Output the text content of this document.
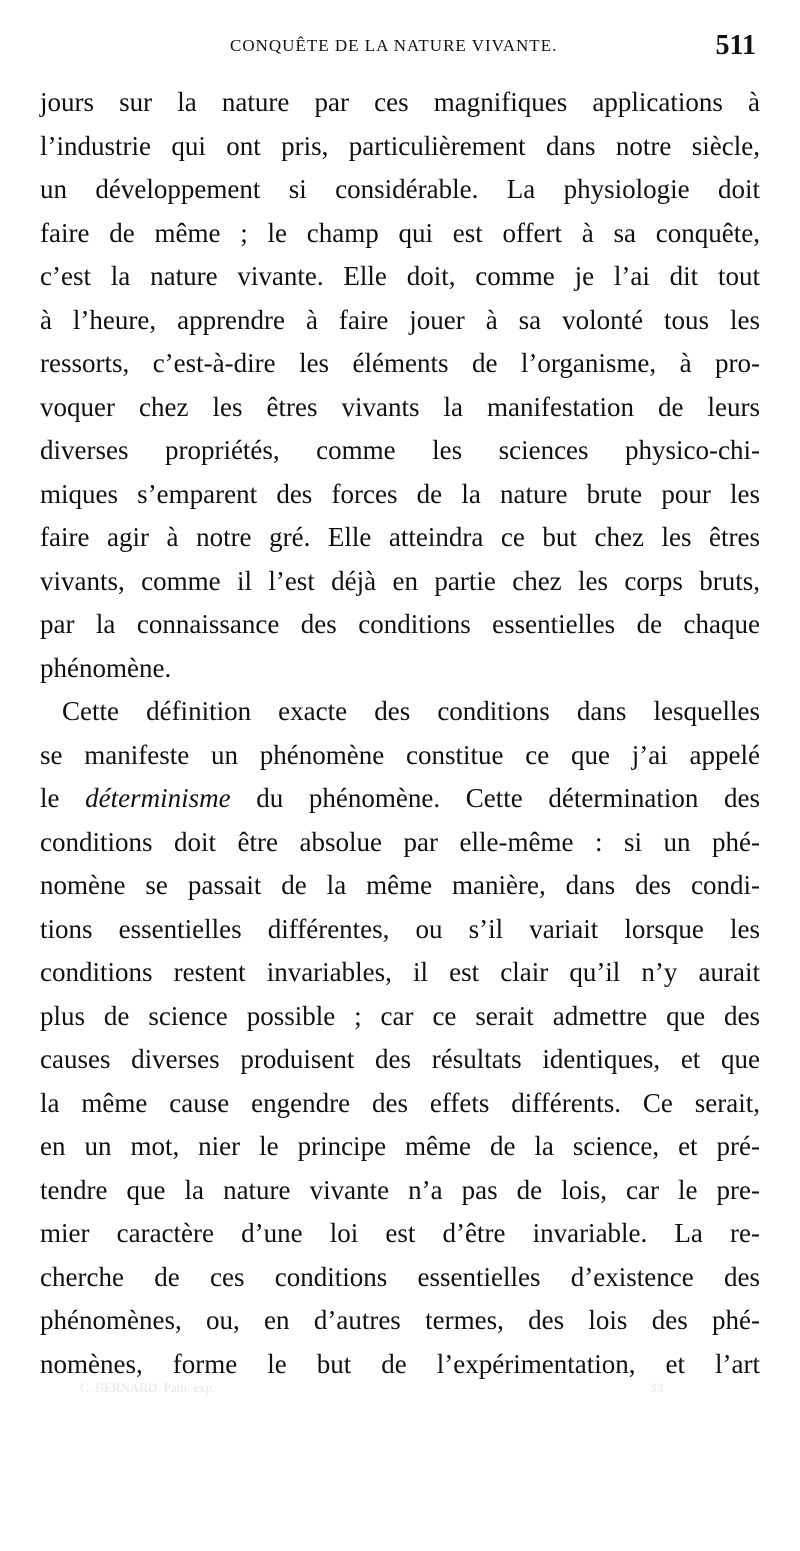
CONQUÊTE DE LA NATURE VIVANTE.	511
jours sur la nature par ces magnifiques applications à
l’industrie qui ont pris, particulièrement dans notre siècle,
un développement si considérable. La physiologie doit
faire de même ; le champ qui est offert à sa conquête,
c’est la nature vivante. Elle doit, comme je l’ai dit tout
à l’heure, apprendre à faire jouer à sa volonté tous les
ressorts, c’est-à-dire les éléments de l’organisme, à pro-
voquer chez les êtres vivants la manifestation de leurs
diverses propriétés, comme les sciences physico-chi-
miques s’emparent des forces de la nature brute pour les
faire agir à notre gré. Elle atteindra ce but chez les êtres
vivants, comme il l’est déjà en partie chez les corps bruts,
par la connaissance des conditions essentielles de chaque
phénomène.
Cette définition exacte des conditions dans lesquelles
se manifeste un phénomène constitue ce que j’ai appelé
le déterminisme du phénomène. Cette détermination des
conditions doit être absolue par elle-même : si un phé-
nomène se passait de la même manière, dans des condi-
tions essentielles différentes, ou s’il variait lorsque les
conditions restent invariables, il est clair qu’il n’y aurait
plus de science possible ; car ce serait admettre que des
causes diverses produisent des résultats identiques, et que
la même cause engendre des effets différents. Ce serait,
en un mot, nier le principe même de la science, et pré-
tendre que la nature vivante n’a pas de lois, car le pre-
mier caractère d’une loi est d’être invariable. La re-
cherche de ces conditions essentielles d’existence des
phénomènes, ou, en d’autres termes, des lois des phé-
nomènes, forme le but de l’expérimentation, et l’art
C. BERNARD. Path. exp.	33
